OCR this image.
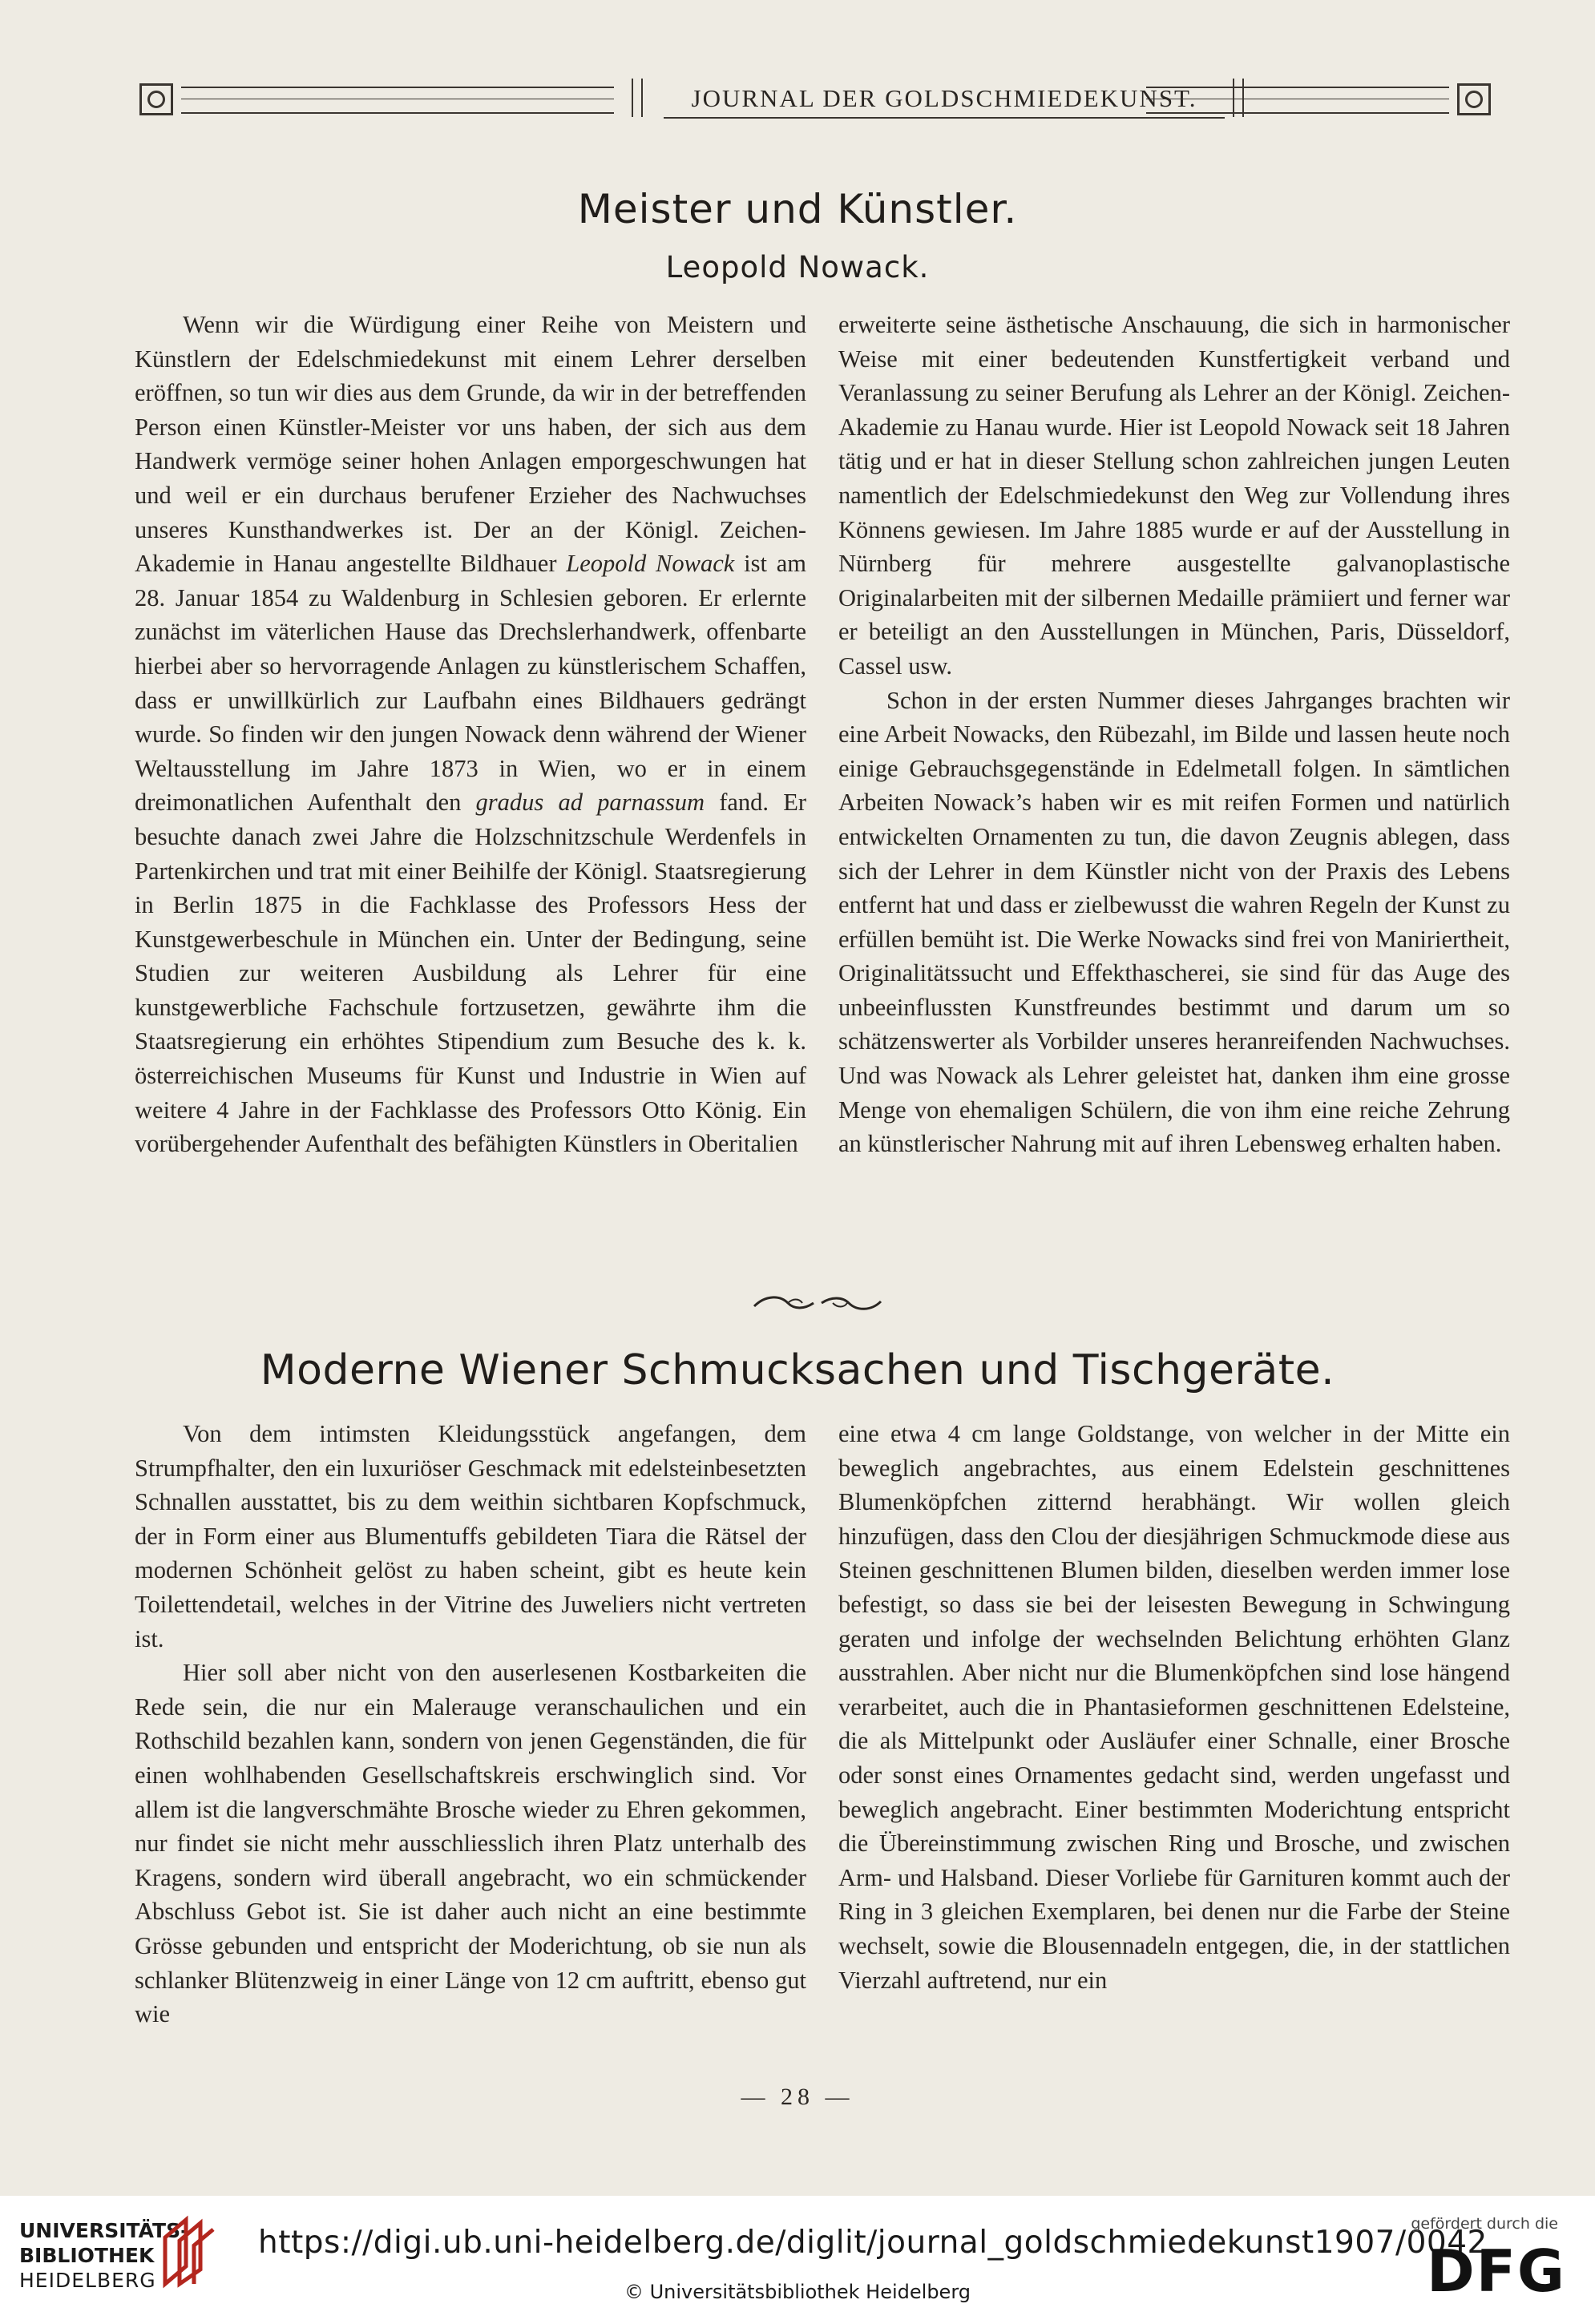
JOURNAL DER GOLDSCHMIEDEKUNST.
Meister und Künstler.
Leopold Nowack.

Wenn wir die Würdigung einer Reihe von Meistern und Künstlern der Edelschmiedekunst mit einem Lehrer derselben eröffnen, so tun wir dies aus dem Grunde, da wir in der betreffenden Person einen Künstler-Meister vor uns haben, der sich aus dem Handwerk vermöge seiner hohen Anlagen emporgeschwungen hat und weil er ein durchaus berufener Erzieher des Nachwuchses unseres Kunsthandwerkes ist. Der an der Königl. Zeichen-Akademie in Hanau angestellte Bildhauer Leopold Nowack ist am 28. Januar 1854 zu Waldenburg in Schlesien geboren. Er erlernte zunächst im väterlichen Hause das Drechslerhandwerk, offenbarte hierbei aber so hervorragende Anlagen zu künstlerischem Schaffen, dass er unwillkürlich zur Laufbahn eines Bildhauers gedrängt wurde. So finden wir den jungen Nowack denn während der Wiener Weltausstellung im Jahre 1873 in Wien, wo er in einem dreimonatlichen Aufenthalt den gradus ad parnassum fand. Er besuchte danach zwei Jahre die Holzschnitzschule Werdenfels in Partenkirchen und trat mit einer Beihilfe der Königl. Staatsregierung in Berlin 1875 in die Fachklasse des Professors Hess der Kunstgewerbeschule in München ein. Unter der Bedingung, seine Studien zur weiteren Ausbildung als Lehrer für eine kunstgewerbliche Fachschule fortzusetzen, gewährte ihm die Staatsregierung ein erhöhtes Stipendium zum Besuche des k. k. österreichischen Museums für Kunst und Industrie in Wien auf weitere 4 Jahre in der Fachklasse des Professors Otto König. Ein vorübergehender Aufenthalt des befähigten Künstlers in Oberitalien

erweiterte seine ästhetische Anschauung, die sich in harmonischer Weise mit einer bedeutenden Kunstfertigkeit verband und Veranlassung zu seiner Berufung als Lehrer an der Königl. Zeichen-Akademie zu Hanau wurde. Hier ist Leopold Nowack seit 18 Jahren tätig und er hat in dieser Stellung schon zahlreichen jungen Leuten namentlich der Edelschmiedekunst den Weg zur Vollendung ihres Könnens gewiesen. Im Jahre 1885 wurde er auf der Ausstellung in Nürnberg für mehrere ausgestellte galvanoplastische Originalarbeiten mit der silbernen Medaille prämiiert und ferner war er beteiligt an den Ausstellungen in München, Paris, Düsseldorf, Cassel usw.

Schon in der ersten Nummer dieses Jahrganges brachten wir eine Arbeit Nowacks, den Rübezahl, im Bilde und lassen heute noch einige Gebrauchsgegenstände in Edelmetall folgen. In sämtlichen Arbeiten Nowack’s haben wir es mit reifen Formen und natürlich entwickelten Ornamenten zu tun, die davon Zeugnis ablegen, dass sich der Lehrer in dem Künstler nicht von der Praxis des Lebens entfernt hat und dass er zielbewusst die wahren Regeln der Kunst zu erfüllen bemüht ist. Die Werke Nowacks sind frei von Maniriertheit, Originalitätssucht und Effekthascherei, sie sind für das Auge des unbeeinflussten Kunstfreundes bestimmt und darum um so schätzenswerter als Vorbilder unseres heranreifenden Nachwuchses. Und was Nowack als Lehrer geleistet hat, danken ihm eine grosse Menge von ehemaligen Schülern, die von ihm eine reiche Zehrung an künstlerischer Nahrung mit auf ihren Lebensweg erhalten haben.

Moderne Wiener Schmucksachen und Tischgeräte.

Von dem intimsten Kleidungsstück angefangen, dem Strumpfhalter, den ein luxuriöser Geschmack mit edelsteinbesetzten Schnallen ausstattet, bis zu dem weithin sichtbaren Kopfschmuck, der in Form einer aus Blumentuffs gebildeten Tiara die Rätsel der modernen Schönheit gelöst zu haben scheint, gibt es heute kein Toilettendetail, welches in der Vitrine des Juweliers nicht vertreten ist.

Hier soll aber nicht von den auserlesenen Kostbarkeiten die Rede sein, die nur ein Malerauge veranschaulichen und ein Rothschild bezahlen kann, sondern von jenen Gegenständen, die für einen wohlhabenden Gesellschaftskreis erschwinglich sind. Vor allem ist die langverschmähte Brosche wieder zu Ehren gekommen, nur findet sie nicht mehr ausschliesslich ihren Platz unterhalb des Kragens, sondern wird überall angebracht, wo ein schmückender Abschluss Gebot ist. Sie ist daher auch nicht an eine bestimmte Grösse gebunden und entspricht der Moderichtung, ob sie nun als schlanker Blütenzweig in einer Länge von 12 cm auftritt, ebenso gut wie

eine etwa 4 cm lange Goldstange, von welcher in der Mitte ein beweglich angebrachtes, aus einem Edelstein geschnittenes Blumenköpfchen zitternd herabhängt. Wir wollen gleich hinzufügen, dass den Clou der diesjährigen Schmuckmode diese aus Steinen geschnittenen Blumen bilden, dieselben werden immer lose befestigt, so dass sie bei der leisesten Bewegung in Schwingung geraten und infolge der wechselnden Belichtung erhöhten Glanz ausstrahlen. Aber nicht nur die Blumenköpfchen sind lose hängend verarbeitet, auch die in Phantasieformen geschnittenen Edelsteine, die als Mittelpunkt oder Ausläufer einer Schnalle, einer Brosche oder sonst eines Ornamentes gedacht sind, werden ungefasst und beweglich angebracht. Einer bestimmten Moderichtung entspricht die Übereinstimmung zwischen Ring und Brosche, und zwischen Arm- und Halsband. Dieser Vorliebe für Garnituren kommt auch der Ring in 3 gleichen Exemplaren, bei denen nur die Farbe der Steine wechselt, sowie die Blousennadeln entgegen, die, in der stattlichen Vierzahl auftretend, nur ein

— 28 —
UNIVERSITÄTS-
BIBLIOTHEK
HEIDELBERG
https://digi.ub.uni-heidelberg.de/diglit/journal_goldschmiedekunst1907/0042
© Universitätsbibliothek Heidelberg
gefördert durch die
DFG
